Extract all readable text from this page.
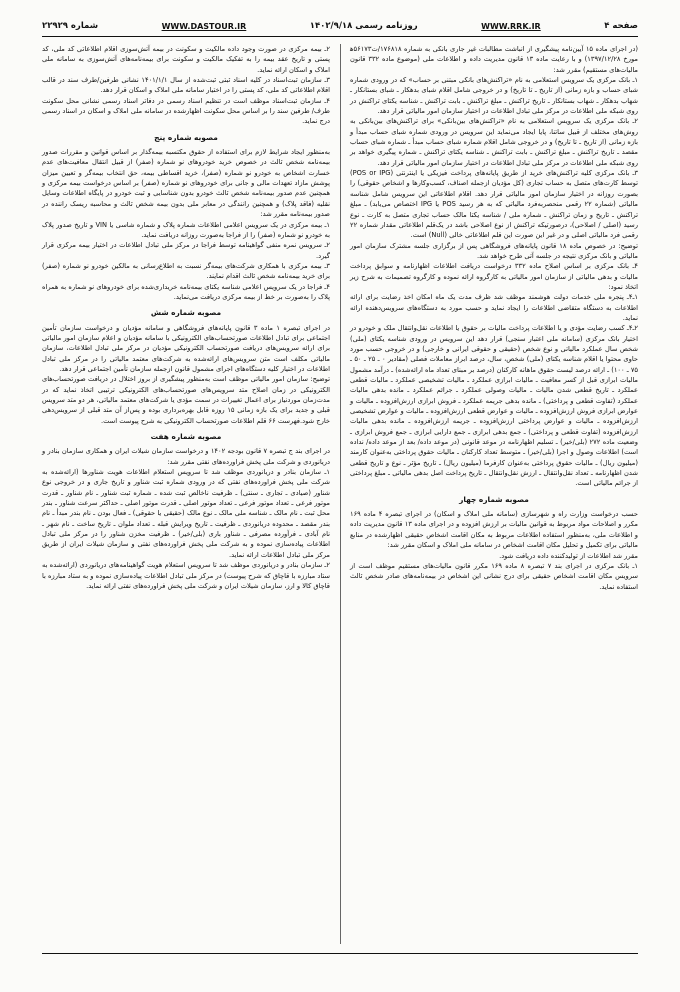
صفحه ۴
WWW.RRK.IR
روزنامه رسمی ۱۴۰۲/۹/۱۸
WWW.DASTOUR.IR
شماره ۲۲۹۲۹

(در اجرای ماده ۱۵ آیین‌نامه پیشگیری از انباشت مطالبات غیر جاری بانکی به شماره ۱۷۶۸۱۸/ت۵۶۱۷۳ﻫ مورخ ۱۳۹۷/۱۲/۲۸) و با رعایت ماده ۱۳ قانون مدیریت داده و اطلاعات ملی (موضوع ماده ۳۳۲ قانون مالیات‌های مستقیم) مقرر شد:

۱ـ بانک مرکزی یک سرویس استعلامی به نام «تراکنش‌های بانکی مبتنی بر حساب» که در ورودی شماره شبای حساب و بازه زمانی (از تاریخ ـ تا تاریخ) و در خروجی شامل اقلام شبای بدهکار ـ شبای بستانکار ـ شهاب بدهکار ـ شهاب بستانکار ـ تاریخ تراکنش ـ مبلغ تراکنش ـ بابت تراکنش ـ شناسه یکتای تراکنش در روی شبکه ملی اطلاعات در مرکز ملی تبادل اطلاعات در اختیار سازمان امور مالیاتی قرار دهد.

۲ـ بانک مرکزی یک سرویس استعلامی به نام «تراکنش‌های بین‌بانکی» برای تراکنش‌های بین‌بانکی به روش‌های مختلف از قبیل ساتنا، پایا ایجاد می‌نماید این سرویس در ورودی شماره شبای حساب مبدأ و بازه زمانی (از تاریخ ـ تا تاریخ) و در خروجی شامل اقلام شماره شبای حساب مبدأ ـ شماره شبای حساب مقصد ـ تاریخ تراکنش ـ مبلغ تراکنش ـ بابت تراکنش ـ شناسه یکتای تراکنش ـ شماره پیگیری خواهد بر روی شبکه ملی اطلاعات در مرکز ملی تبادل اطلاعات در اختیار سازمان امور مالیاتی قرار دهد.

۳ـ بانک مرکزی کلیه تراکنش‌های خرید از طریق پایانه‌های پرداخت فیزیکی یا اینترنتی (POS or IPG) توسط کارت‌های متصل به حساب تجاری (کل مؤدیان ازجمله اصناف، کسب‌وکارها و اشخاص حقوقی) را بصورت روزانه در اختیار سازمان امور مالیاتی قرار دهد. اقلام اطلاعاتی این سرویس شامل شناسه مالیاتی (شماره ۲۲ رقمی منحصربه‌فرد مالیاتی که به هر رسید POS یا IPG اختصاص می‌یابد) ـ مبلغ تراکنش ـ تاریخ و زمان تراکنش ـ شماره ملی / شناسه یکتا مالک حساب تجاری متصل به کارت ـ نوع رسید (اصلی / اصلاحی)، درصورتیکه تراکنش از نوع اصلاحی باشد در یک‌قلم اطلاعاتی مقدار شماره ۲۲ رقمی فرد مالیاتی اصلی و در غیر این صورت این قلم اطلاعاتی خالی (Null) است.

توضیح: در خصوص ماده ۱۸ قانون پایانه‌های فروشگاهی پس از برگزاری جلسه مشترک سازمان امور مالیاتی و بانک مرکزی نتیجه در جلسه آتی طرح خواهد شد.

۴ـ بانک مرکزی بر اساس اصلاح ماده ۳۳۲ درخواست دریافت اطلاعات اظهارنامه و سوابق پرداخت مالیات و بدهی مالیاتی از سازمان امور مالیاتی به کارگروه ارائه نموده و کارگروه تصمیمات به شرح زیر اتخاذ نمود:

۱ـ۴ـ پنجره ملی خدمات دولت هوشمند موظف شد ظرف مدت یک ماه امکان اخذ رضایت برای ارائه اطلاعات به دستگاه متقاضی اطلاعات را ایجاد نماید و حسب مورد به دستگاه‌های سرویس‌دهنده ارائه نماید.

۲ـ۴ـ کسب رضایت مؤدی و یا اطلاعات پرداخت مالیات بر حقوق یا اطلاعات نقل‌وانتقال ملک و خودرو در اختیار بانک مرکزی (سامانه ملی اعتبار سنجی) قرار دهد این سرویس در ورودی شناسه یکتای (ملی) شخص سال عملکرد مالیاتی و نوع شخص (حقیقی و حقوقی ایرانی و خارجی) و در خروجی حسب مورد حاوی محتوا یا اقلام شناسه یکتای (ملی) شخص، سال، درصد ابراز معاملات فصلی (مقادیر ۰ ـ ۲۵ ـ ۵۰ ـ ۷۵ ـ ۱۰۰) ـ ارائه درصد لیست حقوق ماهانه کارکنان (درصد بر مبنای تعداد ماه ارائه‌شده) ـ درآمد مشمول مالیات ابرازی قبل از کسر معافیت ـ مالیات ابرازی عملکرد ـ مالیات تشخیصی عملکرد ـ مالیات قطعی عملکرد ـ تاریخ قطعی شدن مالیات ـ مالیات وصولی عملکرد ـ جرائم عملکرد ـ مانده بدهی مالیات عملکرد (تفاوت قطعی و پرداختی) ـ مانده بدهی جریمه عملکرد ـ فروش ابرازی ارزش‌افزوده ـ مالیات و عوارض ابرازی فروش ارزش‌افزوده ـ مالیات و عوارض قطعی ارزش‌افزوده ـ مالیات و عوارض تشخیصی ارزش‌افزوده ـ مالیات و عوارض پرداختی ارزش‌افزوده ـ جریمه ارزش‌افزوده ـ مانده بدهی مالیات ارزش‌افزوده (تفاوت قطعی و پرداختی) ـ جمع بدهی ابرازی ـ جمع دارایی ابرازی ـ جمع فروش ابرازی ـ وضعیت ماده ۲۷۲ (بلی/خیر) ـ تسلیم اظهارنامه در موعد قانونی (در موعد داده/ بعد از موعد داده/ نداده است) اطلاعات وصول و اجرا (بلی/خیر) ـ متوسط تعداد کارکنان ـ مالیات حقوق پرداختی به‌عنوان کارمند (میلیون ریال) ـ مالیات حقوق پرداختی به‌عنوان کارفرما (میلیون ریال) ـ تاریخ مؤثر ـ نوع و تاریخ قطعی شدن اظهارنامه ـ تعداد نقل‌وانتقال ـ ارزش نقل‌وانتقال ـ تاریخ پرداخت اصل بدهی مالیاتی ـ مبلغ پرداختی از جرائم مالیاتی است.

مصوبه شماره چهار

حسب درخواست وزارت راه و شهرسازی (سامانه ملی املاک و اسکان) در اجرای تبصره ۴ ماده ۱۶۹ مکرر و اصلاحات مواد مربوط به قوانین مالیات بر ارزش افزوده و در اجرای ماده ۱۳ قانون مدیریت داده و اطلاعات ملی، به‌منظور استفاده اطلاعات مربوط به مکان اقامت اشخاص حقیقی اظهارشده در منابع مالیاتی برای تکمیل و تحلیل مکان اقامت اشخاص در سامانه ملی املاک و اسکان مقرر شد:

مقرر شد اطلاعات از تولیدکننده داده دریافت شود.

۱ـ بانک مرکزی در اجرای بند ۷ تبصره ۸ ماده ۱۶۹ مکرر قانون مالیات‌های مستقیم موظف است از سرویس مکان اقامت اشخاص حقیقی برای درج نشانی این اشخاص در بیمه‌نامه‌های صادر شخص ثالث استفاده نماید.

۲ـ بیمه مرکزی در صورت وجود داده مالکیت و سکونت در بیمه آتش‌سوزی اقلام اطلاعاتی کد ملی، کد پستی و تاریخ عقد بیمه را به تفکیک مالکیت و سکونت برای بیمه‌نامه‌های آتش‌سوزی به سامانه ملی املاک و اسکان ارائه نماید.

۳ـ سازمان ثبت‌اسناد در کلیه اسناد ثبتی ثبت‌شده از سال ۱۴۰۱/۱/۱ نشانی طرفین/طرف سند در قالب اقلام اطلاعاتی کد ملی، کد پستی را در اختیار سامانه ملی املاک و اسکان قرار دهد.

۴ـ سازمان ثبت‌اسناد موظف است در تنظیم اسناد رسمی در دفاتر اسناد رسمی نشانی محل سکونت طرف/ طرفین سند را بر اساس محل سکونت اظهارشده در سامانه ملی املاک و اسکان در اسناد رسمی درج نماید.

مصوبه شماره پنج

به‌منظور ایجاد شرایط لازم برای استفاده از حقوق مکتسبه بیمه‌گذار بر اساس قوانین و مقررات صدور بیمه‌نامه شخص ثالث در خصوص خرید خودروهای نو شماره (صفر) از قبیل انتقال معافیت‌های عدم خسارت اشخاص به خودرو نو شماره (صفر)، خرید اقساطی بیمه، حق انتخاب بیمه‌گر و تعیین میزان پوشش مازاد تعهدات مالی و جانی برای خودروهای نو شماره (صفر) بر اساس درخواست بیمه مرکزی و همچنین عدم صدور بیمه‌نامه شخص ثالث خودرو بدون شناسایی و ثبت خودرو در پایگاه اطلاعات وسایل نقلیه (فاقد پلاک) و همچنین رانندگی در معابر ملی بدون بیمه شخص ثالث و محاسبه ریسک راننده در صدور بیمه‌نامه مقرر شد:

۱ـ بیمه مرکزی در یک سرویس اعلامی اطلاعات شماره پلاک و شماره شاسی یا VIN و تاریخ صدور پلاک به خودرو نو شماره (صفر) را از فراجا به‌صورت روزانه دریافت نماید.

۲ـ سرویس نمره منفی گواهینامه توسط فراجا در مرکز ملی تبادل اطلاعات در اختیار بیمه مرکزی قرار گیرد.

۳ـ بیمه مرکزی با همکاری شرکت‌های بیمه‌گر نسبت به اطلاع‌رسانی به مالکین خودرو نو شماره (صفر) برای خرید بیمه‌نامه شخص ثالث اقدام نمایند.

۴ـ فراجا در یک سرویس اعلامی شناسه یکتای بیمه‌نامه خریداری‌شده برای خودروهای نو شماره به همراه پلاک را به‌صورت بر خط از بیمه مرکزی دریافت می‌نماید.

مصوبه شماره شش

در اجرای تبصره ۱ ماده ۳ قانون پایانه‌های فروشگاهی و سامانه مؤدیان و درخواست سازمان تأمین اجتماعی برای تبادل اطلاعات صورتحساب‌های الکترونیکی با سامانه مؤدیان و اعلام سازمان امور مالیاتی برای ارائه سرویس‌های دریافت صورتحساب الکترونیکی مؤدیان در مرکز ملی تبادل اطلاعات، سازمان مالیاتی مکلف است متن سرویس‌های ارائه‌شده به شرکت‌های معتمد مالیاتی را در مرکز ملی تبادل اطلاعات در اختیار کلیه دستگاه‌های اجرای مشمول قانون ازجمله سازمان تأمین اجتماعی قرار دهد.

توضیح: سازمان امور مالیاتی موظف است به‌منظور پیشگیری از بروز اختلال در دریافت صورتحساب‌های الکترونیکی در زمان اصلاح متد سرویس‌های صورتحساب‌های الکترونیکی ترتیبی اتخاذ نماید که در مدت‌زمان موردنیاز برای اعمال تغییرات در سمت مؤدی یا شرکت‌های معتمد مالیاتی، هر دو متد سرویس قبلی و جدید برای یک بازه زمانی ۱۵ روزه قابل بهره‌برداری بوده و پس‌از آن متد قبلی از سرویس‌دهی خارج شود.فهرست ۶۶ قلم اطلاعات صورتحساب الکترونیکی به شرح پیوست است.

مصوبه شماره هفت

در اجرای بند ج تبصره ۷ قانون بودجه ۱۴۰۲ و درخواست سازمان شیلات ایران و همکاری سازمان بنادر و دریانوردی و شرکت ملی پخش فراورده‌های نفتی مقرر شد:

۱ـ سازمان بنادر و دریانوردی موظف شد تا سرویس استعلام اطلاعات هویت شناورها (ارائه‌شده به شرکت ملی پخش فراورده‌های نفتی که در ورودی شماره ثبت شناور و تاریخ جاری و در خروجی نوع شناور (صیادی ـ تجاری ـ سنتی) ـ ظرفیت ناخالص ثبت شده ـ شماره ثبت شناور ـ نام شناور ـ قدرت موتور فرعی ـ تعداد موتور فرعی ـ تعداد موتور اصلی ـ قدرت موتور اصلی ـ حداکثر سرعت شناور ـ بندر محل ثبت ـ نام مالک ـ شناسه ملی مالک ـ نوع مالک (حقیقی یا حقوقی) ـ فعال بودن ـ نام بندر مبدأ ـ نام بندر مقصد ـ محدوده دریانوردی ـ ظرفیت ـ تاریخ ویرایش قبله ـ تعداد ملوان ـ تاریخ ساخت ـ نام شهر ـ نام آبادی ـ فرآورده مصرفی ـ شناور باری (بلی/خیر) ـ ظرفیت مخزن شناور را در مرکز ملی تبادل اطلاعات پیاده‌سازی نموده و به شرکت ملی پخش فراورده‌های نفتی و سازمان شیلات ایران از طریق مرکز ملی تبادل اطلاعات ارائه نماید.

۲ـ سازمان بنادر و دریانوردی موظف شد تا سرویس استعلام هویت گواهینامه‌های دریانوردی (ارائه‌شده به ستاد مبارزه با قاچاق که شرح پیوست) در مرکز ملی تبادل اطلاعات پیاده‌سازی نموده و به ستاد مبارزه با قاچاق کالا و ارز، سازمان شیلات ایران و شرکت ملی پخش فراورده‌های نفتی ارائه نماید.
